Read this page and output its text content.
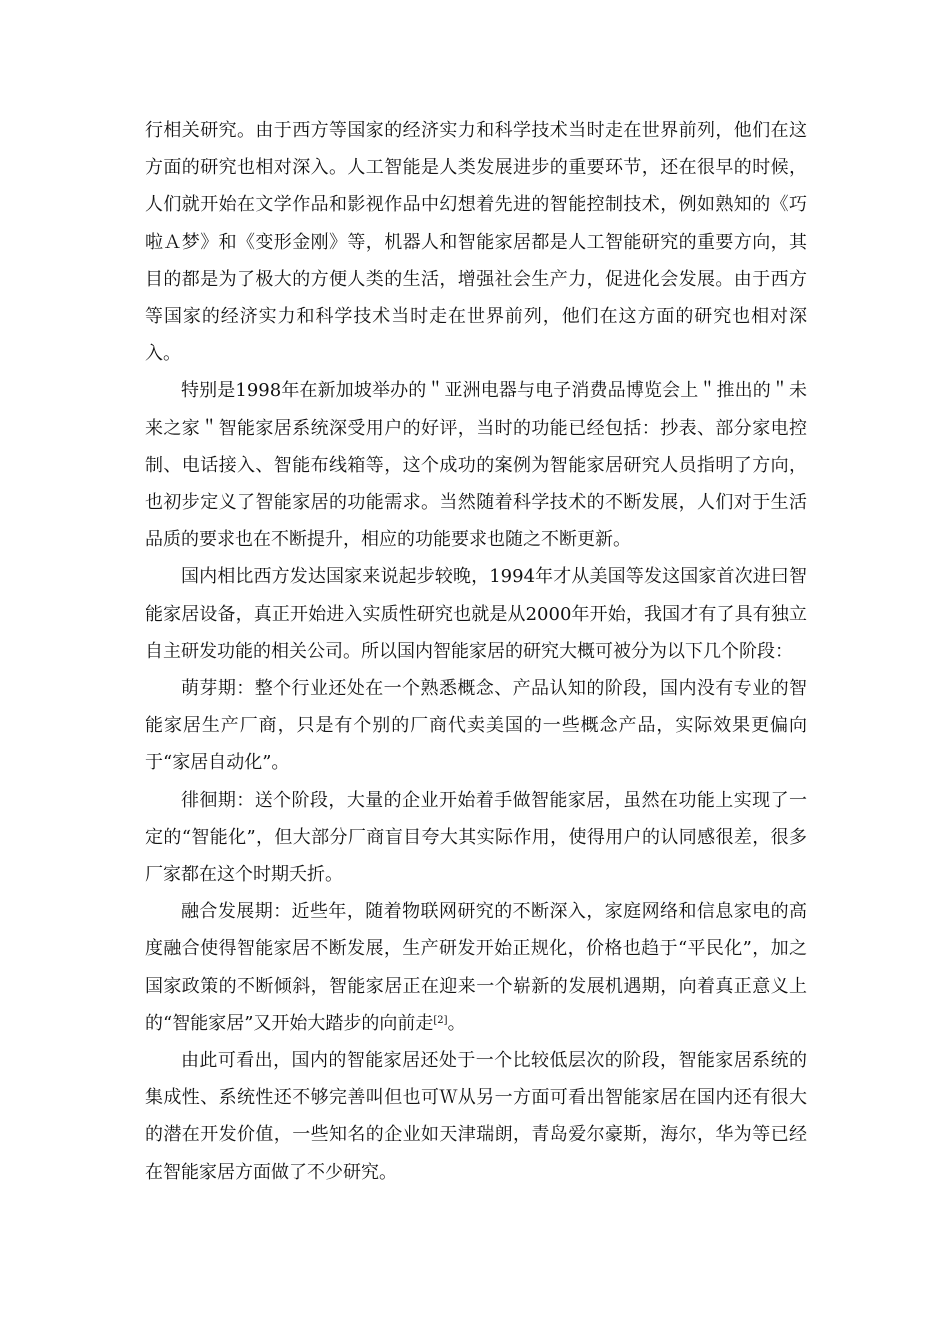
行相关研究。由于西方等国家的经济实力和科学技术当时走在世界前列，他们在这方面的研究也相对深入。人工智能是人类发展进步的重要环节，还在很早的时候，人们就开始在文学作品和影视作品中幻想着先进的智能控制技术，例如熟知的《巧啦Ａ梦》和《变形金刚》等，机器人和智能家居都是人工智能研究的重要方向，其目的都是为了极大的方便人类的生活，增强社会生产力，促进化会发展。由于西方等国家的经济实力和科学技术当时走在世界前列，他们在这方面的研究也相对深入。

特别是1998年在新加坡举办的＂亚洲电器与电子消费品博览会上＂推出的＂未来之家＂智能家居系统深受用户的好评，当时的功能已经包括：抄表、部分家电控制、电话接入、智能布线箱等，这个成功的案例为智能家居研究人员指明了方向，也初步定义了智能家居的功能需求。当然随着科学技术的不断发展，人们对于生活品质的要求也在不断提升，相应的功能要求也随之不断更新。

国内相比西方发达国家来说起步较晚，1994年才从美国等发这国家首次进曰智能家居设备，真正开始进入实质性研究也就是从2000年开始，我国才有了具有独立自主研发功能的相关公司。所以国内智能家居的研究大概可被分为以下几个阶段：

萌芽期：整个行业还处在一个熟悉概念、产品认知的阶段，国内没有专业的智能家居生产厂商，只是有个别的厂商代卖美国的一些概念产品，实际效果更偏向于“家居自动化”。

徘徊期：送个阶段，大量的企业开始着手做智能家居，虽然在功能上实现了一定的“智能化”，但大部分厂商盲目夸大其实际作用，使得用户的认同感很差，很多厂家都在这个时期夭折。

融合发展期：近些年，随着物联网研究的不断深入，家庭网络和信息家电的高度融合使得智能家居不断发展，生产研发开始正规化，价格也趋于“平民化”，加之国家政策的不断倾斜，智能家居正在迎来一个崭新的发展机遇期，向着真正意义上的“智能家居”又开始大踏步的向前走[2]。

由此可看出，国内的智能家居还处于一个比较低层次的阶段，智能家居系统的集成性、系统性还不够完善叫但也可Ｗ从另一方面可看出智能家居在国内还有很大的潜在开发价值，一些知名的企业如天津瑞朗，青岛爱尔豪斯，海尔，华为等已经在智能家居方面做了不少研究。
